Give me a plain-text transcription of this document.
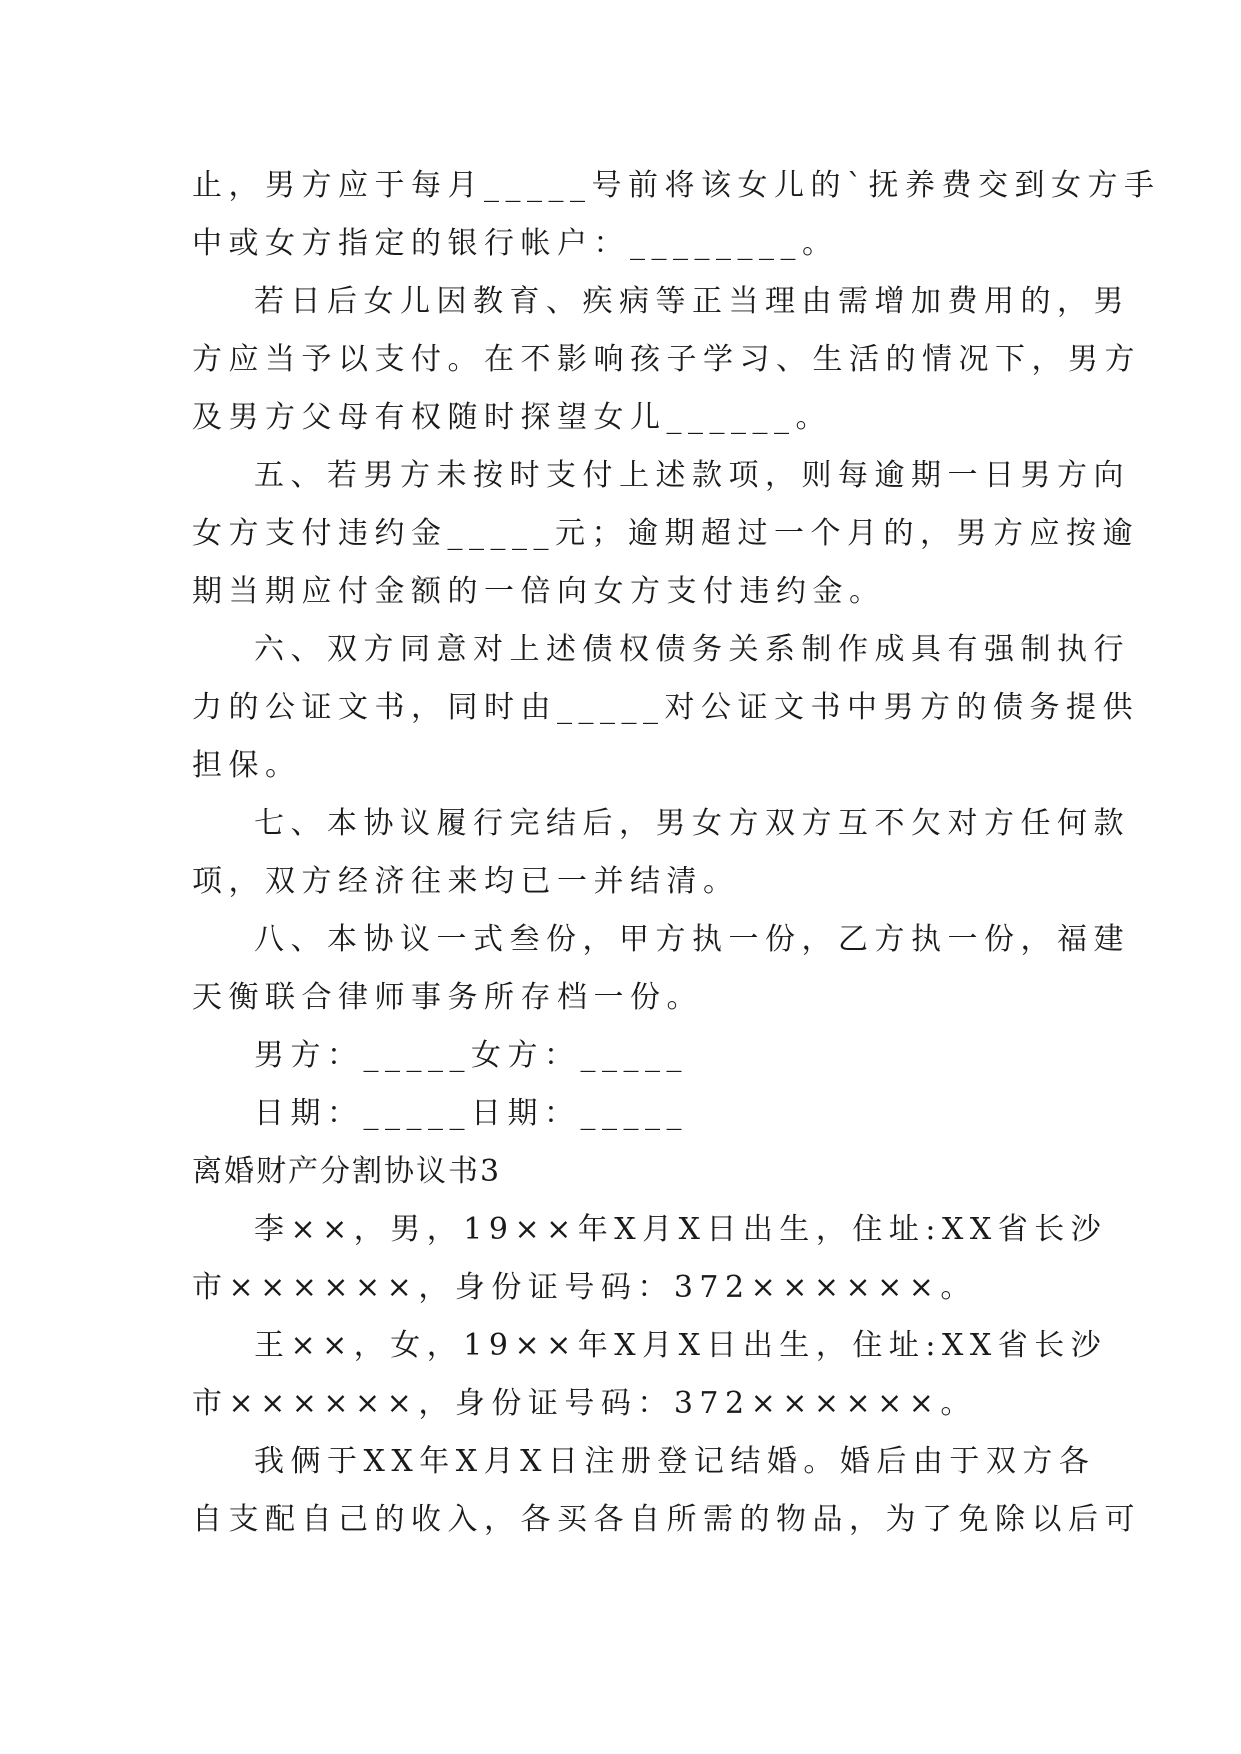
止，男方应于每月_____号前将该女儿的`抚养费交到女方手
中或女方指定的银行帐户：________。
若日后女儿因教育、疾病等正当理由需增加费用的，男
方应当予以支付。在不影响孩子学习、生活的情况下，男方
及男方父母有权随时探望女儿______。
五、若男方未按时支付上述款项，则每逾期一日男方向
女方支付违约金_____元；逾期超过一个月的，男方应按逾
期当期应付金额的一倍向女方支付违约金。
六、双方同意对上述债权债务关系制作成具有强制执行
力的公证文书，同时由_____对公证文书中男方的债务提供
担保。
七、本协议履行完结后，男女方双方互不欠对方任何款
项，双方经济往来均已一并结清。
八、本协议一式叁份，甲方执一份，乙方执一份，福建
天衡联合律师事务所存档一份。
男方：_____女方：_____
日期：_____日期：_____
离婚财产分割协议书3
李××，男，19××年X月X日出生，住址:XX省长沙
市××××××，身份证号码：372××××××。
王××，女，19××年X月X日出生，住址:XX省长沙
市××××××，身份证号码：372××××××。
我俩于XX年X月X日注册登记结婚。婚后由于双方各
自支配自己的收入，各买各自所需的物品，为了免除以后可
